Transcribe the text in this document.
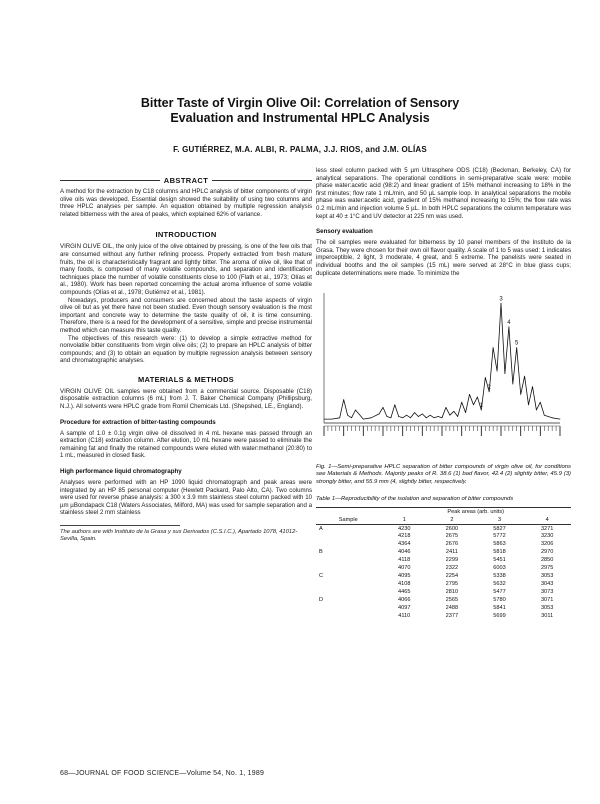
Bitter Taste of Virgin Olive Oil: Correlation of Sensory
Evaluation and Instrumental HPLC Analysis
F. GUTIÉRREZ, M.A. ALBI, R. PALMA, J.J. RIOS, and J.M. OLÍAS
ABSTRACT

A method for the extraction by C18 columns and HPLC analysis of bitter components of virgin olive oils was developed. Essential design showed the suitability of using two columns and three HPLC analyses per sample. An equation obtained by multiple regression analysis related bitterness with the area of peaks, which explained 62% of variance.

INTRODUCTION

VIRGIN OLIVE OIL, the only juice of the olive obtained by pressing, is one of the few oils that are consumed without any further refining process. Properly extracted from fresh mature fruits, the oil is characteristically fragrant and lightly bitter. The aroma of olive oil, like that of many foods, is composed of many volatile compounds, and separation and identification techniques place the number of volatile constituents close to 100 (Flath et al., 1973; Olías et al., 1980). Work has been reported concerning the actual aroma influence of some volatile compounds (Olías et al., 1978; Gutiérrez et al., 1981).

Nowadays, producers and consumers are concerned about the taste aspects of virgin olive oil but as yet there have not been studied. Even though sensory evaluation is the most important and concrete way to determine the taste quality of oil, it is time consuming. Therefore, there is a need for the development of a sensitive, simple and precise instrumental method which can measure this taste quality.

The objectives of this research were: (1) to develop a simple extractive method for nonvolatile bitter constituents from virgin olive oils; (2) to prepare an HPLC analysis of bitter compounds; and (3) to obtain an equation by multiple regression analysis between sensory and chromatographic analyses.

MATERIALS & METHODS

VIRGIN OLIVE OIL samples were obtained from a commercial source. Disposable (C18) disposable extraction columns (6 mL) from J. T. Baker Chemical Company (Phillipsburg, N.J.). All solvents were HPLC grade from Romil Chemicals Ltd. (Shepshed, LE., England).

Procedure for extraction of bitter-tasting compounds

A sample of 1.0 ± 0.1g virgin olive oil dissolved in 4 mL hexane was passed through an extraction (C18) extraction column. After elution, 10 mL hexane were passed to eliminate the remaining fat and finally the retained compounds were eluted with water:methanol (20:80) to 1 mL, measured in closed flask.

High performance liquid chromatography

Analyses were performed with an HP 1090 liquid chromatograph and peak areas were integrated by an HP 85 personal computer (Hewlett Packard, Palo Alto, CA). Two columns were used for reverse phase analysis: a 300 x 3.9 mm stainless steel column packed with 10 µm µBondapack C18 (Waters Associates, Milford, MA) was used for sample separation and a stainless steel 2 mm stainless

The authors are with Instituto de la Grasa y sus Derivados (C.S.I.C.), Apartado 1078, 41012-Sevilla, Spain.

less steel column packed with 5 µm Ultrasphere ODS (C18) (Beckman, Berkeley, CA) for analytical separations. The operational conditions in semi-preparative scale were: mobile phase water:acetic acid (98:2) and linear gradient of 15% methanol increasing to 18% in the first minutes; flow rate 1 mL/min, and 50 µL sample loop. In analytical separations the mobile phase was water:acetic acid, gradient of 15% methanol increasing to 15%; the flow rate was 0.2 mL/min and injection volume 5 µL. In both HPLC separations the column temperature was kept at 40 ± 1°C and UV detector at 225 nm was used.

Sensory evaluation

The oil samples were evaluated for bitterness by 10 panel members of the Instituto de la Grasa. They were chosen for their own oil flavor quality. A scale of 1 to 5 was used: 1 indicates imperceptible, 2 light, 3 moderate, 4 great, and 5 extreme. The panelists were seated in individual booths and the oil samples (15 mL) were served at 28°C in blue glass cups; duplicate determinations were made. To minimize the

1
2
3
4
5

Fig. 1—Semi-preparative HPLC separation of bitter compounds of virgin olive oil, for conditions see Materials & Methods. Majority peaks of R. 38.6 (1) bad flavor, 42.4 (2) slightly bitter, 45.9 (3) strongly bitter, and 55.9 mm (4, slightly bitter, respectively.

Table 1—Reproducibility of the isolation and separation of bitter compounds

	Peak areas (arb. units)			
Sample	1	2	3	4
A	4230	2600	5827	3271
	4218	2675	5772	3230
	4364	2676	5863	3206
B	4046	2411	5818	2970
	4118	2299	5451	2850
	4070	2322	6003	2975
C	4095	2254	5338	3053
	4108	2795	5632	3043
	4465	2810	5477	3073
D	4066	2565	5780	3071
	4097	2488	5841	3053
	4110	2377	5699	3011
68—JOURNAL OF FOOD SCIENCE—Volume 54, No. 1, 1989
